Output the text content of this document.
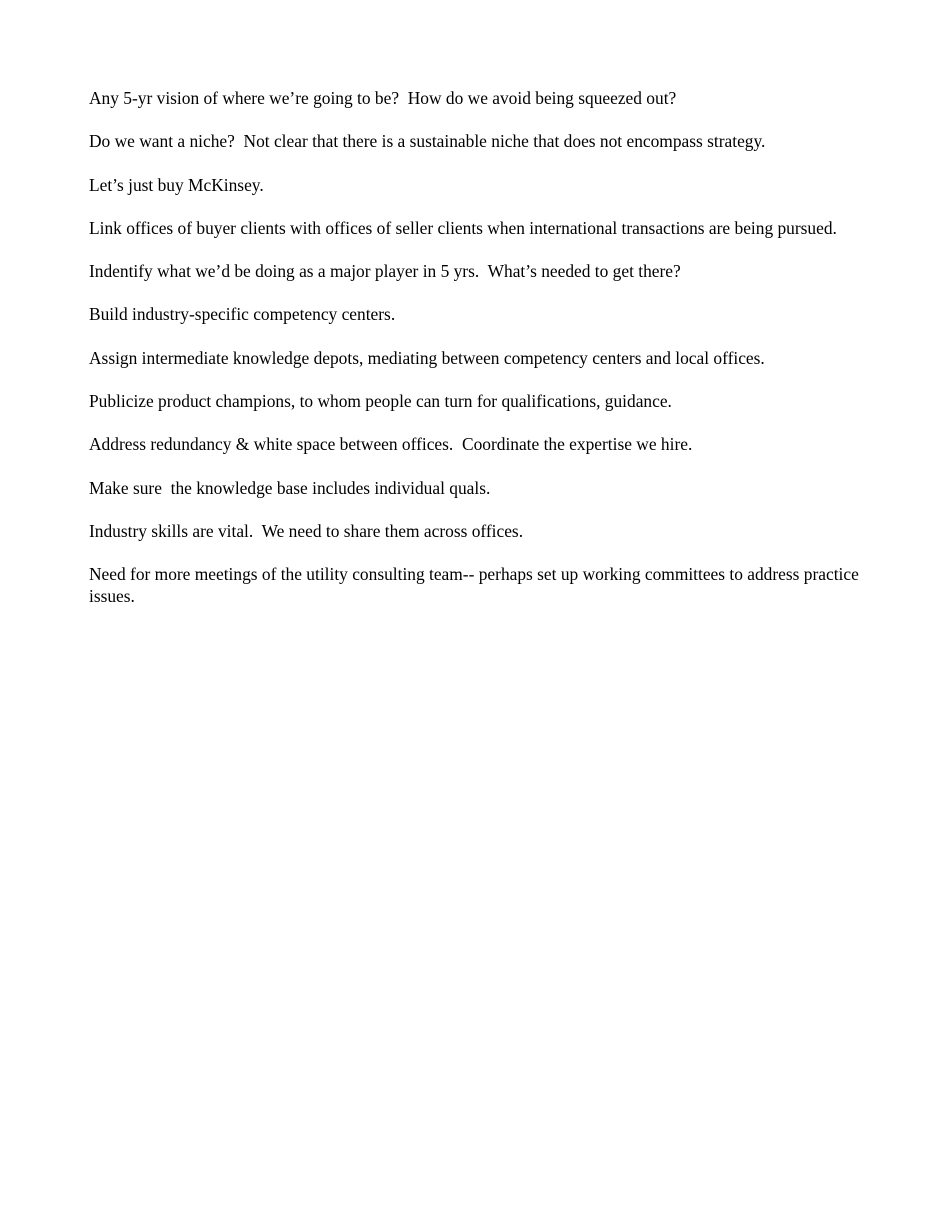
Any 5-yr vision of where we’re going to be?  How do we avoid being squeezed out?

Do we want a niche?  Not clear that there is a sustainable niche that does not encompass strategy.

Let’s just buy McKinsey.

Link offices of buyer clients with offices of seller clients when international transactions are being pursued.

Indentify what we’d be doing as a major player in 5 yrs.  What’s needed to get there?

Build industry-specific competency centers.

Assign intermediate knowledge depots, mediating between competency centers and local offices.

Publicize product champions, to whom people can turn for qualifications, guidance.

Address redundancy & white space between offices.  Coordinate the expertise we hire.

Make sure  the knowledge base includes individual quals.

Industry skills are vital.  We need to share them across offices.

Need for more meetings of the utility consulting team-- perhaps set up working committees to address practice issues.
